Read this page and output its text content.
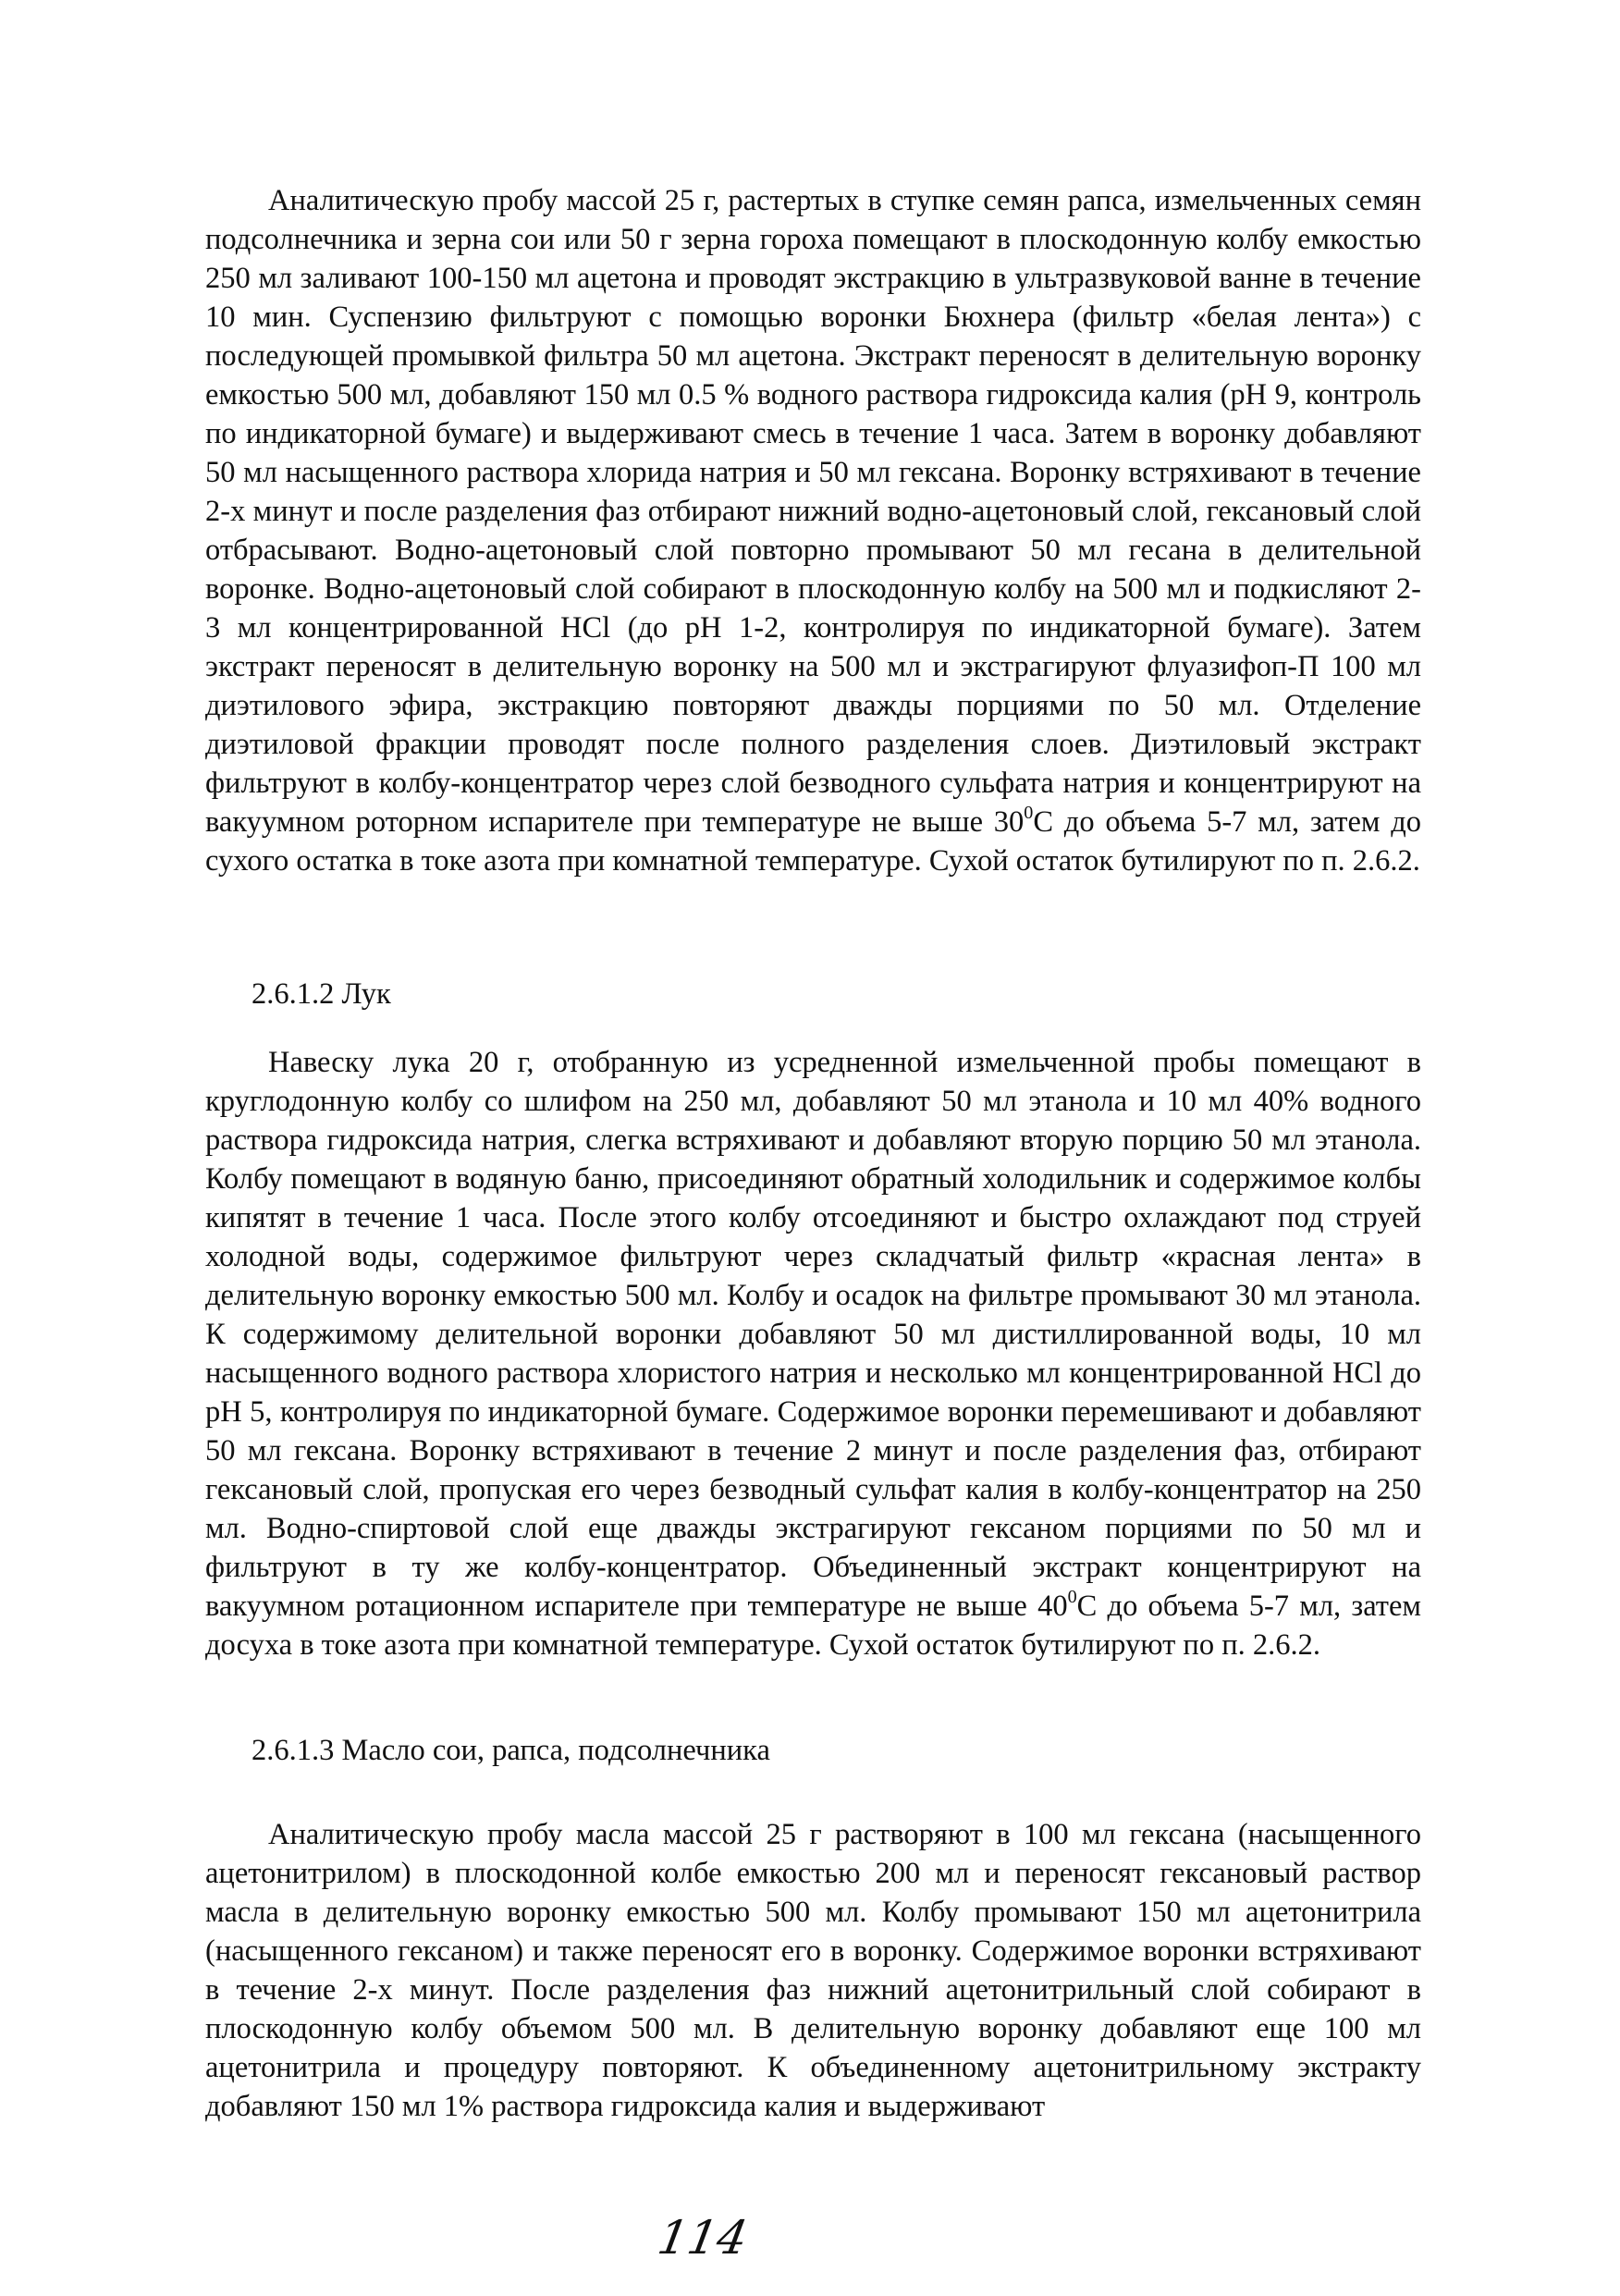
Аналитическую пробу массой 25 г, растертых в ступке семян рапса, измельченных семян подсолнечника и зерна сои или 50 г зерна гороха помещают в плоскодонную колбу емкостью 250 мл заливают 100-150 мл ацетона и проводят экстракцию в ультразвуковой ванне в течение 10 мин. Суспензию фильтруют с помощью воронки Бюхнера (фильтр «белая лента») с последующей промывкой фильтра 50 мл ацетона. Экстракт переносят в делительную воронку емкостью 500 мл, добавляют 150 мл 0.5 % водного раствора гидроксида калия (pH 9, контроль по индикаторной бумаге) и выдерживают смесь в течение 1 часа. Затем в воронку добавляют 50 мл насыщенного раствора хлорида натрия и 50 мл гексана. Воронку встряхивают в течение 2-х минут и после разделения фаз отбирают нижний водно-ацетоновый слой, гексановый слой отбрасывают. Водно-ацетоновый слой повторно промывают 50 мл гесана в делительной воронке. Водно-ацетоновый слой собирают в плоскодонную колбу на 500 мл и подкисляют 2-3 мл концентрированной HCl (до pH 1-2, контролируя по индикаторной бумаге). Затем экстракт переносят в делительную воронку на 500 мл и экстрагируют флуазифоп-П 100 мл диэтилового эфира, экстракцию повторяют дважды порциями по 50 мл. Отделение диэтиловой фракции проводят после полного разделения слоев. Диэтиловый экстракт фильтруют в колбу-концентратор через слой безводного сульфата натрия и концентрируют на вакуумном роторном испарителе при температуре не выше $30^0С$ до объема 5-7 мл, затем до сухого остатка в токе азота при комнатной температуре. Сухой остаток бутилируют по п. 2.6.2.

2.6.1.2 Лук

Навеску лука 20 г, отобранную из усредненной измельченной пробы помещают в круглодонную колбу со шлифом на 250 мл, добавляют 50 мл этанола и 10 мл 40% водного раствора гидроксида натрия, слегка встряхивают и добавляют вторую порцию 50 мл этанола. Колбу помещают в водяную баню, присоединяют обратный холодильник и содержимое колбы кипятят в течение 1 часа. После этого колбу отсоединяют и быстро охлаждают под струей холодной воды, содержимое фильтруют через складчатый фильтр «красная лента» в делительную воронку емкостью 500 мл. Колбу и осадок на фильтре промывают 30 мл этанола. К содержимому делительной воронки добавляют 50 мл дистиллированной воды, 10 мл насыщенного водного раствора хлористого натрия и несколько мл концентрированной HCl до pH 5, контролируя по индикаторной бумаге. Содержимое воронки перемешивают и добавляют 50 мл гексана. Воронку встряхивают в течение 2 минут и после разделения фаз, отбирают гексановый слой, пропуская его через безводный сульфат калия в колбу-концентратор на 250 мл. Водно-спиртовой слой еще дважды экстрагируют гексаном порциями по 50 мл и фильтруют в ту же колбу-концентратор. Объединенный экстракт концентрируют на вакуумном ротационном испарителе при температуре не выше $40^0С$ до объема 5-7 мл, затем досуха в токе азота при комнатной температуре. Сухой остаток бутилируют по п. 2.6.2.

2.6.1.3 Масло сои, рапса, подсолнечника

Аналитическую пробу масла массой 25 г растворяют в 100 мл гексана (насыщенного ацетонитрилом) в плоскодонной колбе емкостью 200 мл и переносят гексановый раствор масла в делительную воронку емкостью 500 мл. Колбу промывают 150 мл ацетонитрила (насыщенного гексаном) и также переносят его в воронку. Содержимое воронки встряхивают в течение 2-х минут. После разделения фаз нижний ацетонитрильный слой собирают в плоскодонную колбу объемом 500 мл. В делительную воронку добавляют еще 100 мл ацетонитрила и процедуру повторяют. К объединенному ацетонитрильному экстракту добавляют 150 мл 1% раствора гидроксида калия и выдерживают

114
